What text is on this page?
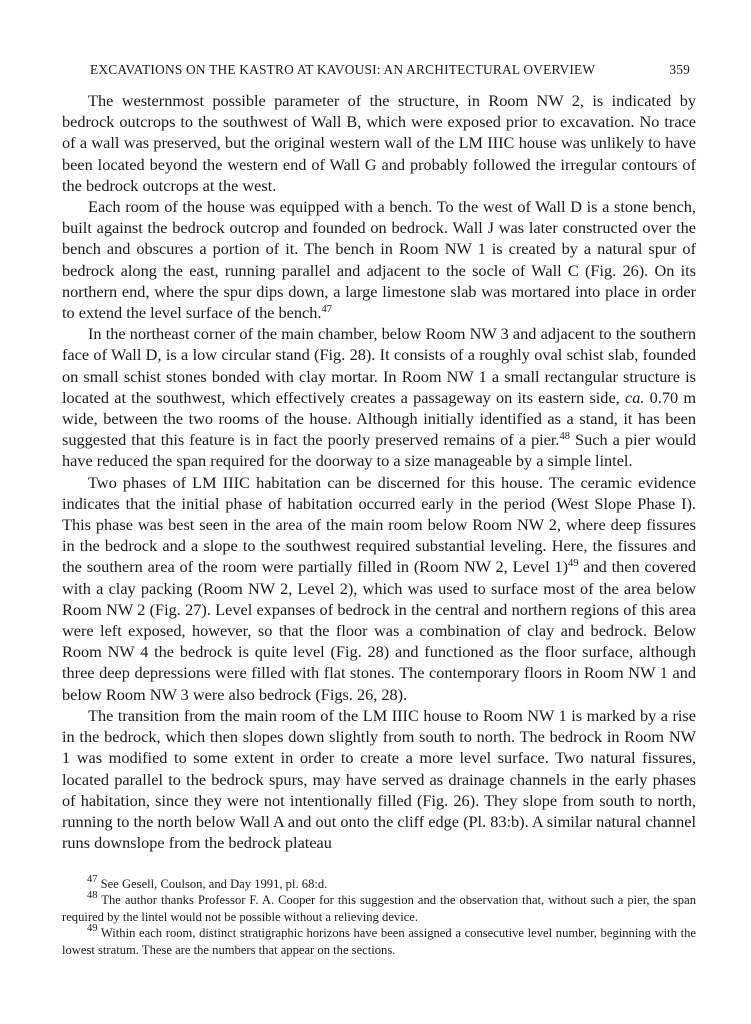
EXCAVATIONS ON THE KASTRO AT KAVOUSI: AN ARCHITECTURAL OVERVIEW	359

The westernmost possible parameter of the structure, in Room NW 2, is indicated by bedrock outcrops to the southwest of Wall B, which were exposed prior to excavation. No trace of a wall was preserved, but the original western wall of the LM IIIC house was unlikely to have been located beyond the western end of Wall G and probably followed the irregular contours of the bedrock outcrops at the west.

Each room of the house was equipped with a bench. To the west of Wall D is a stone bench, built against the bedrock outcrop and founded on bedrock. Wall J was later constructed over the bench and obscures a portion of it. The bench in Room NW 1 is created by a natural spur of bedrock along the east, running parallel and adjacent to the socle of Wall C (Fig. 26). On its northern end, where the spur dips down, a large limestone slab was mortared into place in order to extend the level surface of the bench.$^{47}$

In the northeast corner of the main chamber, below Room NW 3 and adjacent to the southern face of Wall D, is a low circular stand (Fig. 28). It consists of a roughly oval schist slab, founded on small schist stones bonded with clay mortar. In Room NW 1 a small rectangular structure is located at the southwest, which effectively creates a passageway on its eastern side, ca. 0.70 m wide, between the two rooms of the house. Although initially identified as a stand, it has been suggested that this feature is in fact the poorly preserved remains of a pier.$^{48}$ Such a pier would have reduced the span required for the doorway to a size manageable by a simple lintel.

Two phases of LM IIIC habitation can be discerned for this house. The ceramic evidence indicates that the initial phase of habitation occurred early in the period (West Slope Phase I). This phase was best seen in the area of the main room below Room NW 2, where deep fissures in the bedrock and a slope to the southwest required substantial leveling. Here, the fissures and the southern area of the room were partially filled in (Room NW 2, Level 1)$^{49}$ and then covered with a clay packing (Room NW 2, Level 2), which was used to surface most of the area below Room NW 2 (Fig. 27). Level expanses of bedrock in the central and northern regions of this area were left exposed, however, so that the floor was a combination of clay and bedrock. Below Room NW 4 the bedrock is quite level (Fig. 28) and functioned as the floor surface, although three deep depressions were filled with flat stones. The contemporary floors in Room NW 1 and below Room NW 3 were also bedrock (Figs. 26, 28).

The transition from the main room of the LM IIIC house to Room NW 1 is marked by a rise in the bedrock, which then slopes down slightly from south to north. The bedrock in Room NW 1 was modified to some extent in order to create a more level surface. Two natural fissures, located parallel to the bedrock spurs, may have served as drainage channels in the early phases of habitation, since they were not intentionally filled (Fig. 26). They slope from south to north, running to the north below Wall A and out onto the cliff edge (Pl. 83:b). A similar natural channel runs downslope from the bedrock plateau

$^{47}$ See Gesell, Coulson, and Day 1991, pl. 68:d.

$^{48}$ The author thanks Professor F. A. Cooper for this suggestion and the observation that, without such a pier, the span required by the lintel would not be possible without a relieving device.

$^{49}$ Within each room, distinct stratigraphic horizons have been assigned a consecutive level number, beginning with the lowest stratum. These are the numbers that appear on the sections.
